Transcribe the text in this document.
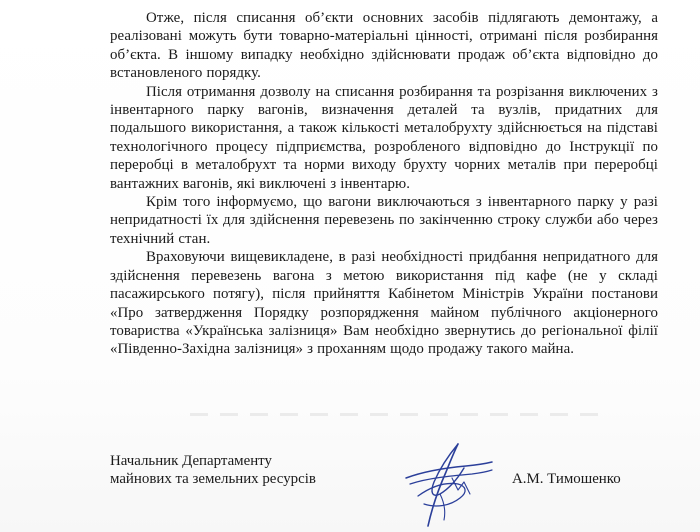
Отже, після списання об’єкти основних засобів підлягають демонтажу, а реалізовані можуть бути товарно-матеріальні цінності, отримані після розбирання об’єкта. В іншому випадку необхідно здійснювати продаж об’єкта відповідно до встановленого порядку.

Після отримання дозволу на списання розбирання та розрізання виключених з інвентарного парку вагонів, визначення деталей та вузлів, придатних для подальшого використання, а також кількості металобрухту здійснюється на підставі технологічного процесу підприємства, розробленого відповідно до Інструкції по переробці в металобрухт та норми виходу брухту чорних металів при переробці вантажних вагонів, які виключені з інвентарю.

Крім того інформуємо, що вагони виключаються з інвентарного парку у разі непридатності їх для здійснення перевезень по закінченню строку служби або через технічний стан.

Враховуючи вищевикладене, в разі необхідності придбання непридатного для здійснення перевезень вагона з метою використання під кафе (не у складі пасажирського потягу), після прийняття Кабінетом Міністрів України постанови «Про затвердження Порядку розпорядження майном публічного акціонерного товариства «Українська залізниця» Вам необхідно звернутись до регіональної філії «Південно-Західна залізниця» з проханням щодо продажу такого майна.

Начальник Департаменту
майнових та земельних ресурсів	А.М. Тимошенко
